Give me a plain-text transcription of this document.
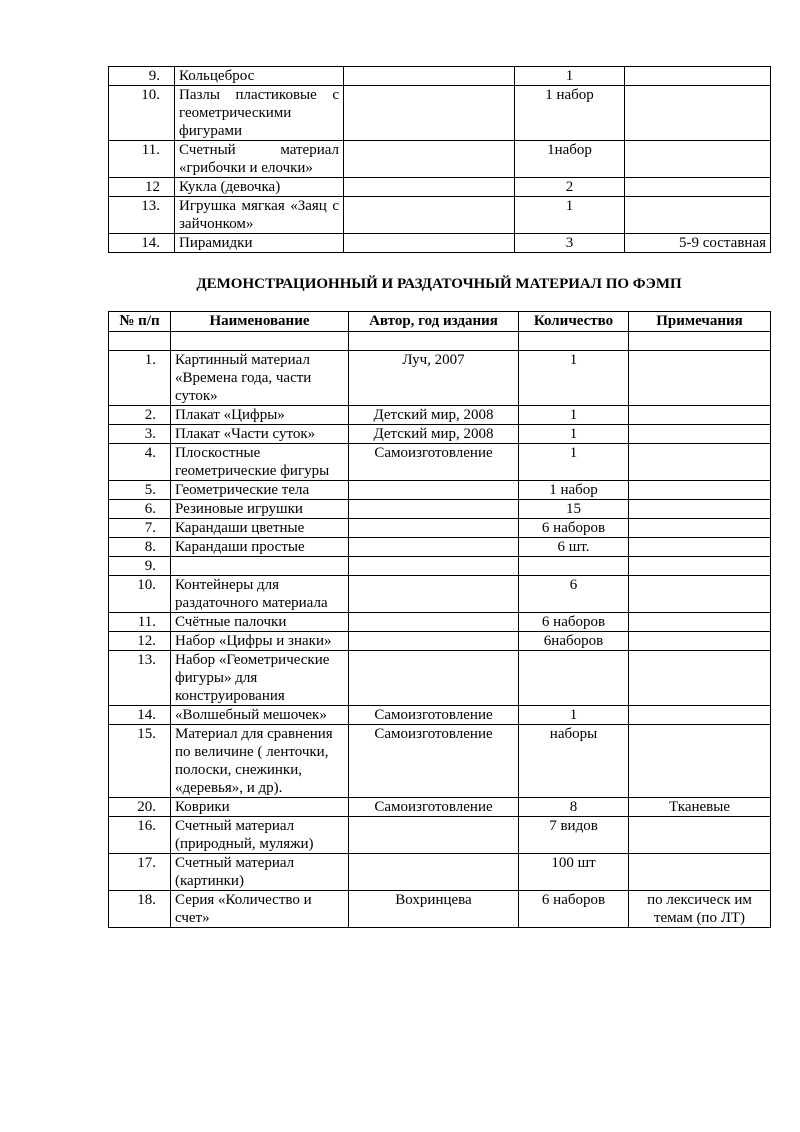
9.	Кольцеброс		1	
10.	Пазлы пластиковые с геометрическими фигурами		1 набор	
11.	Счетный материал «грибочки и елочки»		1набор	
12	Кукла (девочка)		2	
13.	Игрушка мягкая «Заяц с зайчонком»		1	
14.	Пирамидки		3	5-9 составная
ДЕМОНСТРАЦИОННЫЙ И РАЗДАТОЧНЫЙ МАТЕРИАЛ ПО ФЭМП
№ п/п	Наименование	Автор, год издания	Количество	Примечания

1.	Картинный материал «Времена года, части суток»	Луч, 2007	1	
2.	Плакат «Цифры»	Детский мир, 2008	1	
3.	Плакат «Части суток»	Детский мир, 2008	1	
4.	Плоскостные геометрические фигуры	Самоизготовление	1	
5.	Геометрические тела		1 набор	
6.	Резиновые игрушки		15	
7.	Карандаши цветные		6 наборов	
8.	Карандаши простые		6 шт.	
9.				
10.	Контейнеры для раздаточного материала		6	
11.	Счётные палочки		6 наборов	
12.	Набор «Цифры и знаки»		6наборов	
13.	Набор «Геометрические фигуры» для конструирования			
14.	«Волшебный мешочек»	Самоизготовление	1	
15.	Материал для сравнения по величине ( ленточки, полоски, снежинки, «деревья», и др).	Самоизготовление	наборы	
20.	Коврики	Самоизготовление	8	Тканевые
16.	Счетный материал (природный, муляжи)		7 видов	
17.	Счетный материал (картинки)		100 шт	
18.	Серия «Количество и счет»	Вохринцева	6 наборов	по лексическ им темам (по ЛТ)
